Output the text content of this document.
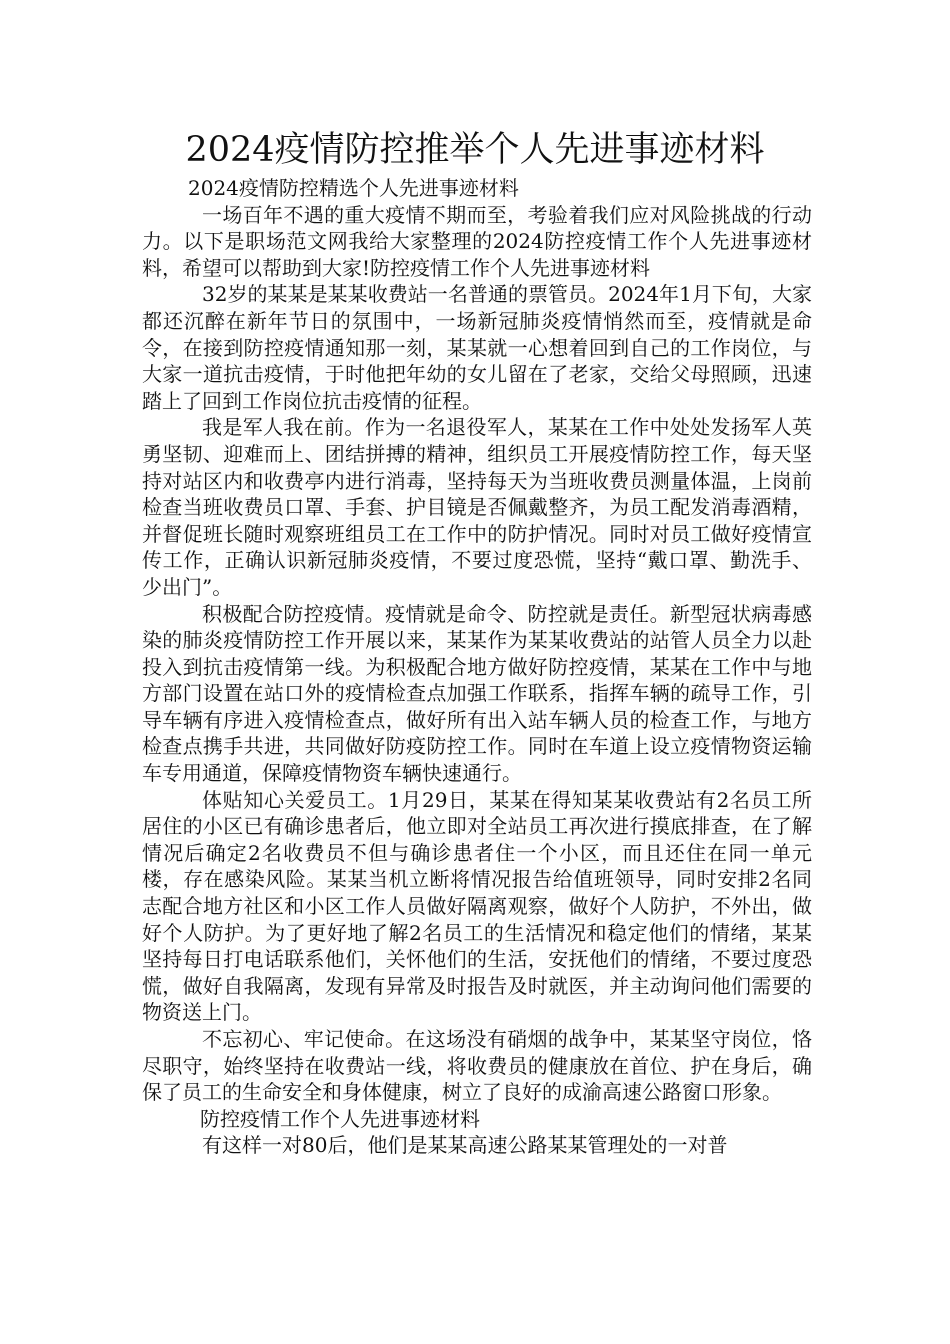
2024疫情防控推举个人先进事迹材料

2024疫情防控精选个人先进事迹材料

一场百年不遇的重大疫情不期而至，考验着我们应对风险挑战的行动力。以下是职场范文网我给大家整理的2024防控疫情工作个人先进事迹材料，希望可以帮助到大家!防控疫情工作个人先进事迹材料

32岁的某某是某某收费站一名普通的票管员。2024年1月下旬，大家都还沉醉在新年节日的氛围中，一场新冠肺炎疫情悄然而至，疫情就是命令，在接到防控疫情通知那一刻，某某就一心想着回到自己的工作岗位，与大家一道抗击疫情，于时他把年幼的女儿留在了老家，交给父母照顾，迅速踏上了回到工作岗位抗击疫情的征程。

我是军人我在前。作为一名退役军人，某某在工作中处处发扬军人英勇坚韧、迎难而上、团结拼搏的精神，组织员工开展疫情防控工作，每天坚持对站区内和收费亭内进行消毒，坚持每天为当班收费员测量体温，上岗前检查当班收费员口罩、手套、护目镜是否佩戴整齐，为员工配发消毒酒精，并督促班长随时观察班组员工在工作中的防护情况。同时对员工做好疫情宣传工作，正确认识新冠肺炎疫情，不要过度恐慌，坚持“戴口罩、勤洗手、少出门”。

积极配合防控疫情。疫情就是命令、防控就是责任。新型冠状病毒感染的肺炎疫情防控工作开展以来，某某作为某某收费站的站管人员全力以赴投入到抗击疫情第一线。为积极配合地方做好防控疫情，某某在工作中与地方部门设置在站口外的疫情检查点加强工作联系，指挥车辆的疏导工作，引导车辆有序进入疫情检查点，做好所有出入站车辆人员的检查工作，与地方检查点携手共进，共同做好防疫防控工作。同时在车道上设立疫情物资运输车专用通道，保障疫情物资车辆快速通行。

体贴知心关爱员工。1月29日，某某在得知某某收费站有2名员工所居住的小区已有确诊患者后，他立即对全站员工再次进行摸底排查，在了解情况后确定2名收费员不但与确诊患者住一个小区，而且还住在同一单元楼，存在感染风险。某某当机立断将情况报告给值班领导，同时安排2名同志配合地方社区和小区工作人员做好隔离观察，做好个人防护，不外出，做好个人防护。为了更好地了解2名员工的生活情况和稳定他们的情绪，某某坚持每日打电话联系他们，关怀他们的生活，安抚他们的情绪，不要过度恐慌，做好自我隔离，发现有异常及时报告及时就医，并主动询问他们需要的物资送上门。

不忘初心、牢记使命。在这场没有硝烟的战争中，某某坚守岗位，恪尽职守，始终坚持在收费站一线，将收费员的健康放在首位、护在身后，确保了员工的生命安全和身体健康，树立了良好的成渝高速公路窗口形象。

防控疫情工作个人先进事迹材料

有这样一对80后，他们是某某高速公路某某管理处的一对普
